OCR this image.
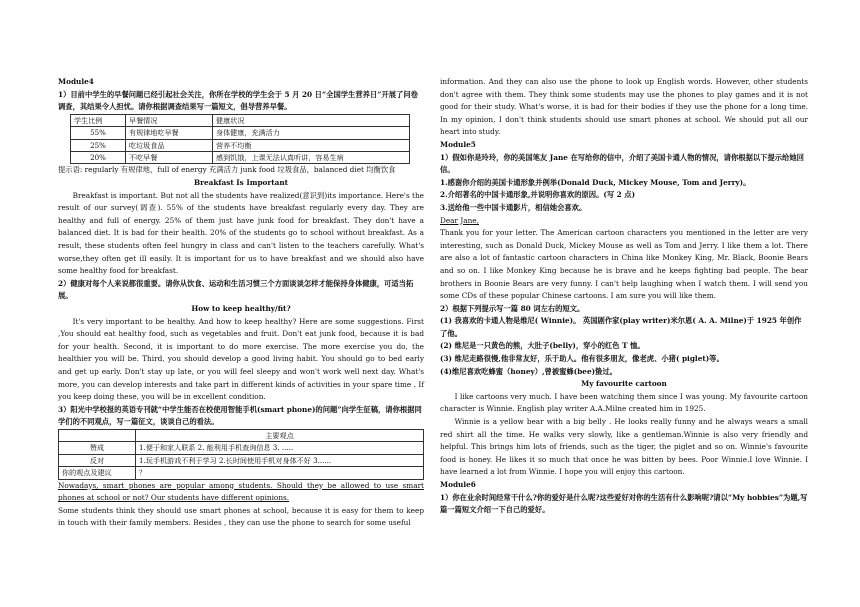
Module4

1）目前中学生的早餐问题已经引起社会关注，你所在学校的学生会于 5 月 20 日“全国学生营养日”开展了问卷调查，其结果令人担忧。请你根据调查结果写一篇短文，倡导营养早餐。

学生比例	早餐情况	健康状况
55%	有规律地吃早餐	身体健康，充满活力
25%	吃垃圾食品	营养不均衡
20%	不吃早餐	感到饥饿，上课无法认真听讲，容易生病

提示语: regularly 有规律地，full of energy 充满活力 junk food 垃圾食品，balanced diet 均衡饮食

Breakfast Is Important

Breakfast is important. But not all the students have realized(意识到)its importance. Here's the result of our survey(调查). 55% of the students have breakfast regularly every day. They are healthy and full of energy. 25% of them just have junk food for breakfast. They don't have a balanced diet. It is bad for their health. 20% of the students go to school without breakfast. As a result, these students often feel hungry in class and can't listen to the teachers carefully. What's worse,they often get ill easily. It is important for us to have breakfast and we should also have some healthy food for breakfast.

2）健康对每个人来说都很重要。请你从饮食、运动和生活习惯三个方面谈谈怎样才能保持身体健康，可适当拓展。

How to keep healthy/fit?

It's very important to be healthy. And how to keep healthy? Here are some suggestions. First ,You should eat healthy food, such as vegetables and fruit. Don't eat junk food, because it is bad for your health. Second, it is important to do more exercise. The more exercise you do, the healthier you will be. Third, you should develop a good living habit. You should go to bed early and get up early. Don't stay up late, or you will feel sleepy and won't work well next day. What's more, you can develop interests and take part in different kinds of activities in your spare time . If you keep doing these, you will be in excellent condition.

3）阳光中学校报的英语专刊就“中学生能否在校使用智能手机(smart phone)的问题”向学生征稿，请你根据同学们的不同观点，写一篇征文，谈谈自己的看法。

	主要观点
赞成	1.便于和家人联系 2. 能利用手机查询信息 3. .....
反对	1.玩手机游戏不利于学习 2.长时间使用手机对身体不好 3......
你的观点及建议	？

Nowadays, smart phones are popular among students. Should they be allowed to use smart phones at school or not? Our students have different opinions.

Some students think they should use smart phones at school, because it is easy for them to keep in touch with their family members. Besides , they can use the phone to search for some useful

information. And they can also use the phone to look up English words. However, other students don't agree with them. They think some students may use the phones to play games and it is not good for their study. What's worse, it is bad for their bodies if they use the phone for a long time. In my opinion, I don't think students should use smart phones at school. We should put all our heart into study.

Module5

1）假如你是玲玲，你的美国笔友 Jane 在写给你的信中，介绍了美国卡通人物的情况，请你根据以下提示给她回信。

1.感谢你介绍的美国卡通形象并例举(Donald Duck, Mickey Mouse, Tom and Jerry)。

2.介绍著名的中国卡通形象,并说明你喜欢的原因。(写 2 点)

3.送给他一些中国卡通影片，相信她会喜欢。

Dear Jane,

Thank you for your letter. The American cartoon characters you mentioned in the letter are very interesting, such as Donald Duck, Mickey Mouse as well as Tom and Jerry. I like them a lot. There are also a lot of fantastic cartoon characters in China like Monkey King, Mr. Black, Boonie Bears and so on. I like Monkey King because he is brave and he keeps fighting bad people. The bear brothers in Boonie Bears are very funny. I can't help laughing when I watch them. I will send you some CDs of these popular Chinese cartoons. I am sure you will like them.

2）根据下列提示写一篇 80 词左右的短文。

(1) 我喜欢的卡通人物是维尼( Winnie)。 英国剧作家(play writer)米尔恩( A. A. Milne)于 1925 年创作了他。

(2) 维尼是一只黄色的熊，大肚子(belly)，穿小的红色 T 恤。

(3) 维尼走路很慢,他非常友好，乐于助人。他有很多朋友，像老虎、小猪( piglet)等。

(4)维尼喜欢吃蜂蜜（honey）,曾被蜜蜂(bee)蛰过。

My favourite cartoon

I like cartoons very much. I have been watching them since I was young. My favourite cartoon character is Winnie. English play writer A.A.Milne created him in 1925.

Winnie is a yellow bear with a big belly . He looks really funny and he always wears a small red shirt all the time. He walks very slowly, like a gentleman.Winnie is also very friendly and helpful. This brings him lots of friends, such as the tiger, the piglet and so on. Winnie's favourite food is honey. He likes it so much that once he was bitten by bees. Poor Winnie.I love Winnie. I have learned a lot from Winnie. I hope you will enjoy this cartoon.

Module6

1）你在业余时间经常干什么?你的爱好是什么呢?这些爱好对你的生活有什么影响呢?请以“My hobbies”为题,写篇一篇短文介绍一下自己的爱好。
